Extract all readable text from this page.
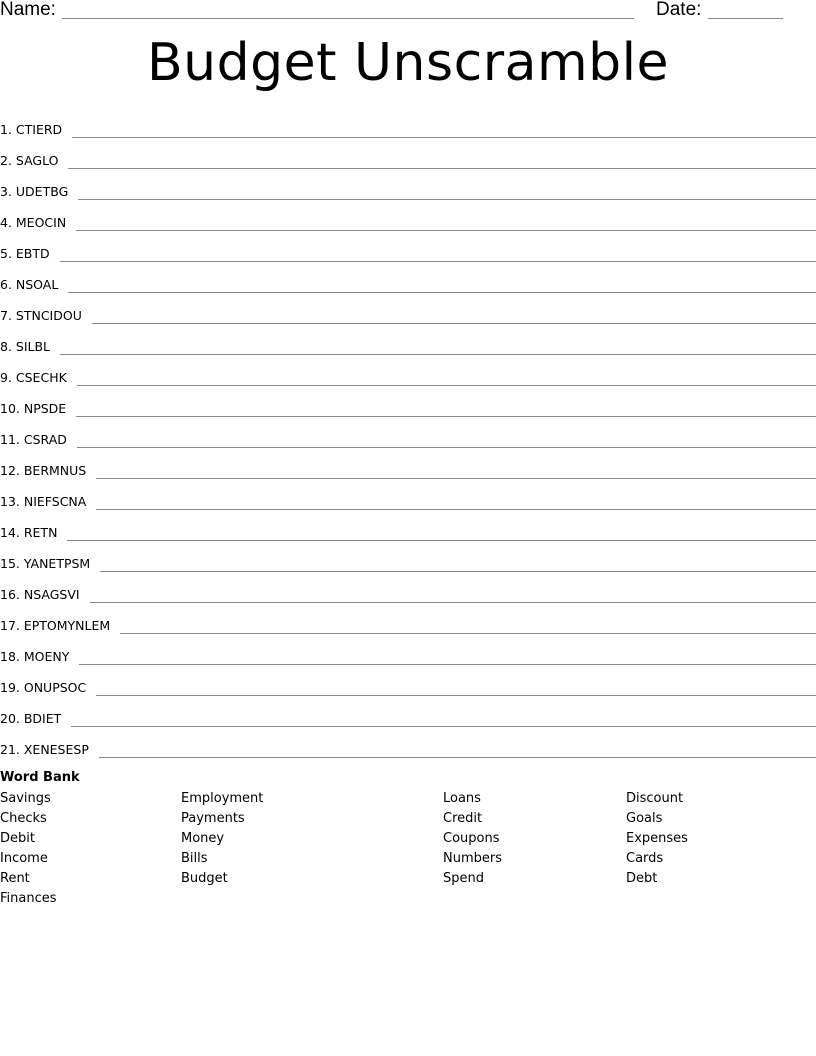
Name:	Date:
Budget Unscramble
1. CTIERD
2. SAGLO
3. UDETBG
4. MEOCIN
5. EBTD
6. NSOAL
7. STNCIDOU
8. SILBL
9. CSECHK
10. NPSDE
11. CSRAD
12. BERMNUS
13. NIEFSCNA
14. RETN
15. YANETPSM
16. NSAGSVI
17. EPTOMYNLEM
18. MOENY
19. ONUPSOC
20. BDIET
21. XENESESP
Word Bank
Savings
Checks
Debit
Income
Rent
Finances
Employment
Payments
Money
Bills
Budget
Loans
Credit
Coupons
Numbers
Spend
Discount
Goals
Expenses
Cards
Debt
